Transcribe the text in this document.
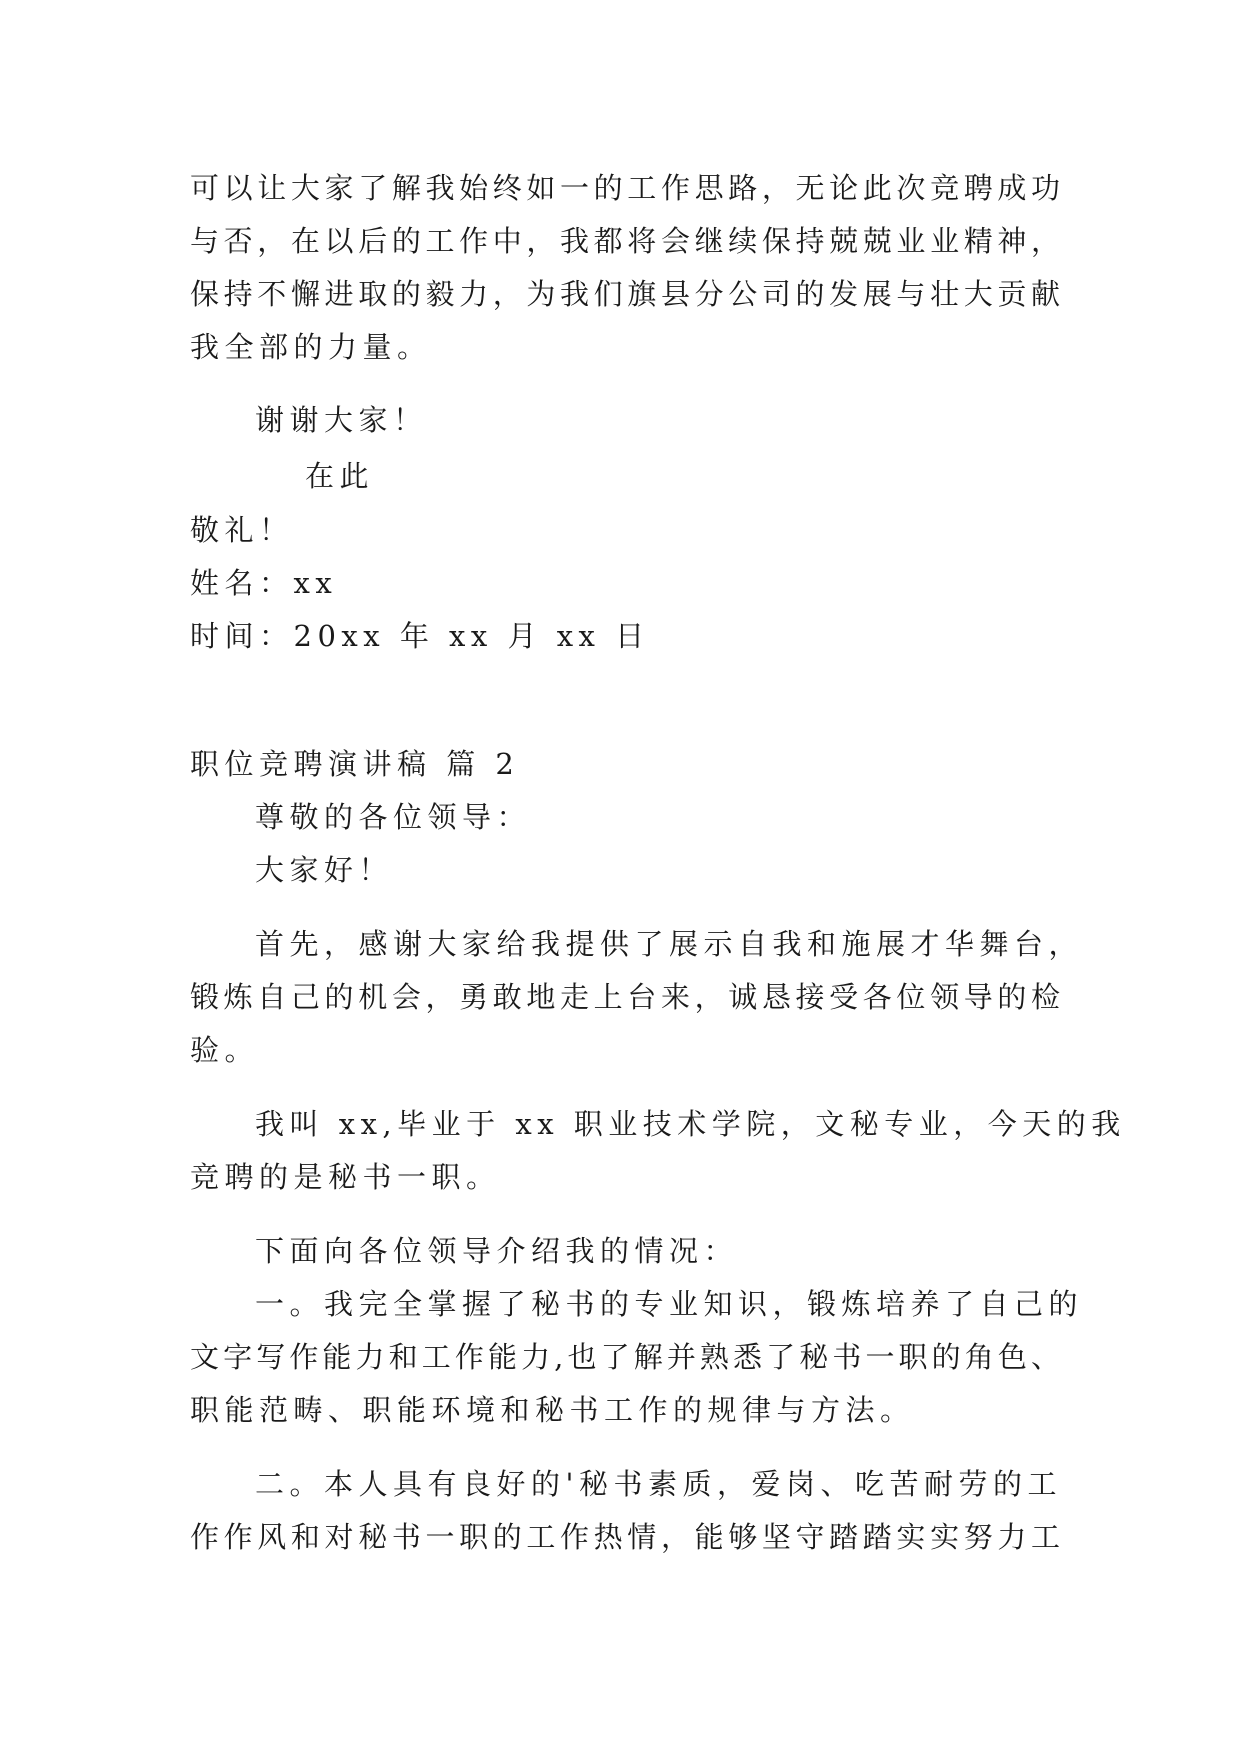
可以让大家了解我始终如一的工作思路，无论此次竞聘成功
与否，在以后的工作中，我都将会继续保持兢兢业业精神，
保持不懈进取的毅力，为我们旗县分公司的发展与壮大贡献
我全部的力量。
谢谢大家！
在此
敬礼！
姓名：xx
时间：20xx 年 xx 月 xx 日
职位竞聘演讲稿 篇 2
尊敬的各位领导：
大家好！
首先，感谢大家给我提供了展示自我和施展才华舞台，
锻炼自己的机会，勇敢地走上台来，诚恳接受各位领导的检
验。
我叫 xx,毕业于 xx 职业技术学院，文秘专业，今天的我
竞聘的是秘书一职。
下面向各位领导介绍我的情况：
一。我完全掌握了秘书的专业知识，锻炼培养了自己的
文字写作能力和工作能力,也了解并熟悉了秘书一职的角色、
职能范畴、职能环境和秘书工作的规律与方法。
二。本人具有良好的'秘书素质，爱岗、吃苦耐劳的工
作作风和对秘书一职的工作热情，能够坚守踏踏实实努力工
